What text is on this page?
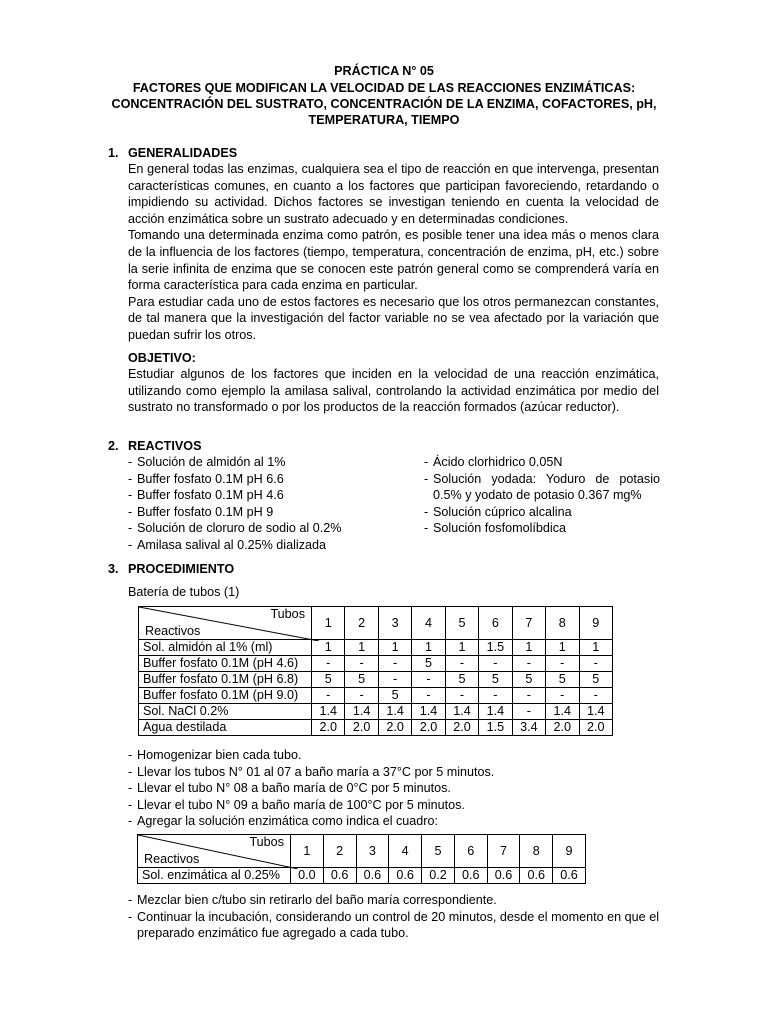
PRÁCTICA N° 05
FACTORES QUE MODIFICAN LA VELOCIDAD DE LAS REACCIONES ENZIMÁTICAS:
CONCENTRACIÓN DEL SUSTRATO, CONCENTRACIÓN DE LA ENZIMA, COFACTORES, pH,
TEMPERATURA, TIEMPO
1. GENERALIDADES

En general todas las enzimas, cualquiera sea el tipo de reacción en que intervenga, presentan características comunes, en cuanto a los factores que participan favoreciendo, retardando o impidiendo su actividad. Dichos factores se investigan teniendo en cuenta la velocidad de acción enzimática sobre un sustrato adecuado y en determinadas condiciones.

Tomando una determinada enzima como patrón, es posible tener una idea más o menos clara de la influencia de los factores (tiempo, temperatura, concentración de enzima, pH, etc.) sobre la serie infinita de enzima que se conocen este patrón general como se comprenderá varía en forma característica para cada enzima en particular.

Para estudiar cada uno de estos factores es necesario que los otros permanezcan constantes, de tal manera que la investigación del factor variable no se vea afectado por la variación que puedan sufrir los otros.

OBJETIVO:
Estudiar algunos de los factores que inciden en la velocidad de una reacción enzimática, utilizando como ejemplo la amilasa salival, controlando la actividad enzimática por medio del sustrato no transformado o por los productos de la reacción formados (azúcar reductor).
2. REACTIVOS
- Solución de almidón al 1%
- Buffer fosfato 0.1M pH 6.6
- Buffer fosfato 0.1M pH 4.6
- Buffer fosfato 0.1M pH 9
- Solución de cloruro de sodio al 0.2%
- Amilasa salival al 0.25% dializada
- Ácido clorhidrico 0.05N
- Solución yodada: Yoduro de potasio 0.5% y yodato de potasio 0.367 mg%
- Solución cúprico alcalina
- Solución fosfomolíbdica
3. PROCEDIMIENTO
Batería de tubos (1)
Tubos
Reactivos	1	2	3	4	5	6	7	8	9
Sol. almidón al 1% (ml)	1	1	1	1	1	1.5	1	1	1
Buffer fosfato 0.1M (pH 4.6)	-	-	-	5	-	-	-	-	-
Buffer fosfato 0.1M (pH 6.8)	5	5	-	-	5	5	5	5	5
Buffer fosfato 0.1M (pH 9.0)	-	-	5	-	-	-	-	-	-
Sol. NaCl 0.2%	1.4	1.4	1.4	1.4	1.4	1.4	-	1.4	1.4
Agua destilada	2.0	2.0	2.0	2.0	2.0	1.5	3.4	2.0	2.0
- Homogenizar bien cada tubo.
- Llevar los tubos N° 01 al 07 a baño maría a 37°C por 5 minutos.
- Llevar el tubo N° 08 a baño maría de 0°C por 5 minutos.
- Llevar el tubo N° 09 a baño maría de 100°C por 5 minutos.
- Agregar la solución enzimática como indica el cuadro:
Tubos
Reactivos	1	2	3	4	5	6	7	8	9
Sol. enzimática al 0.25%	0.0	0.6	0.6	0.6	0.2	0.6	0.6	0.6	0.6
- Mezclar bien c/tubo sin retirarlo del baño maría correspondiente.
- Continuar la incubación, considerando un control de 20 minutos, desde el momento en que el preparado enzimático fue agregado a cada tubo.
